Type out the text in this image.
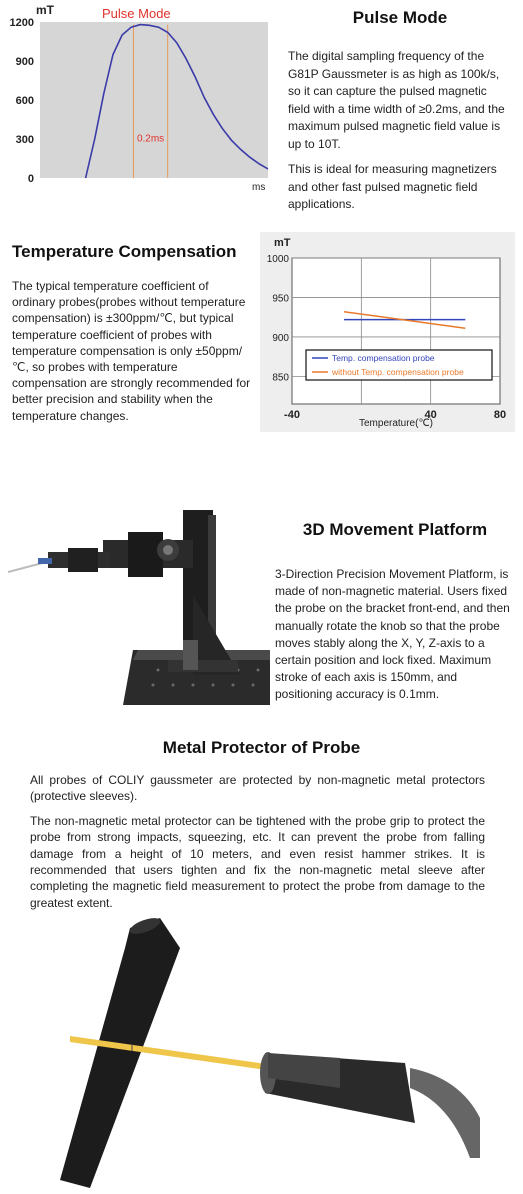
mT
ms
Pulse Mode
0
300
600
900
1200
0.2ms
Pulse Mode

The digital sampling frequency of the G81P Gaussmeter is as high as 100k/s, so it can capture the pulsed magnetic field with a time width of ≥0.2ms, and the maximum pulsed magnetic field value is up to 10T.

This is ideal for measuring magnetizers and other fast pulsed magnetic field applications.

Temperature Compensation

The typical temperature coefficient of ordinary probes(probes without temperature compensation) is ±300ppm/℃, but typical temperature coefficient of probes with temperature compensation is only ±50ppm/℃, so probes with temperature compensation are strongly recommended for better precision and stability when the temperature changes.

850
900
950
1000
-40	40	80
mT
Temperature(℃)
Temp. compensation probe
without Temp. compensation probe
3D Movement Platform

3-Direction Precision Movement Platform, is made of non-magnetic material. Users fixed the probe on the bracket front-end, and then manually rotate the knob so that the probe moves stably along the X, Y, Z-axis to a certain position and lock fixed. Maximum stroke of each axis is 150mm, and positioning accuracy is 0.1mm.

Metal Protector of Probe

All probes of COLIY gaussmeter are protected by non-magnetic metal protectors (protective sleeves).

The non-magnetic metal protector can be tightened with the probe grip to protect the probe from strong impacts, squeezing, etc. It can prevent the probe from falling damage from a height of 10 meters, and even resist hammer strikes. It is recommended that users tighten and fix the non-magnetic metal sleeve after completing the magnetic field measurement to protect the probe from damage to the greatest extent.
